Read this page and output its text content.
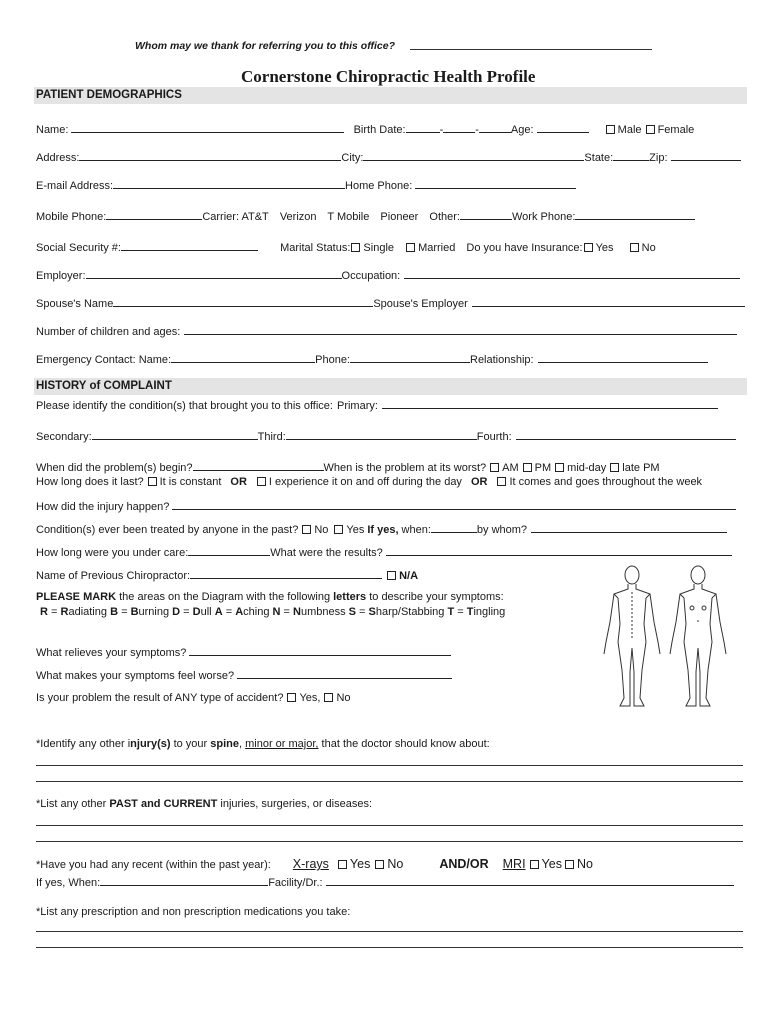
Whom may we thank for referring you to this office?
Cornerstone Chiropractic Health Profile
PATIENT DEMOGRAPHICS
Name:	Birth Date:	-	-	Age:	Male Female
Address:	City:	State:	Zip:
E-mail Address:	Home Phone:
Mobile Phone:	Carrier: AT&T Verizon T Mobile Pioneer Other:	Work Phone:
Social Security #:	Marital Status: Single Married Do you have Insurance: Yes	No
Employer:	Occupation:
Spouse's Name	Spouse's Employer
Number of children and ages:
Emergency Contact: Name:	Phone:	Relationship:
HISTORY of COMPLAINT
Please identify the condition(s) that brought you to this office: Primary:
Secondary:	Third:	Fourth:
When did the problem(s) begin?	When is the problem at its worst? AM PM mid-day late PM
How long does it last? It is constant OR I experience it on and off during the day OR It comes and goes throughout the week
How did the injury happen?
Condition(s) ever been treated by anyone in the past? No Yes If yes, when:	by whom?
How long were you under care:	What were the results?
Name of Previous Chiropractor:	N/A
PLEASE MARK the areas on the Diagram with the following letters to describe your symptoms:
R = Radiating B = Burning D = Dull A = Aching N = Numbness S = Sharp/Stabbing T = Tingling
What relieves your symptoms?
What makes your symptoms feel worse?
Is your problem the result of ANY type of accident? Yes, No
*Identify any other injury(s) to your spine, minor or major, that the doctor should know about:
*List any other PAST and CURRENT injuries, surgeries, or diseases:
*Have you had any recent (within the past year): X-rays Yes No	AND/OR MRI Yes No
If yes, When:	Facility/Dr.:
*List any prescription and non prescription medications you take:
